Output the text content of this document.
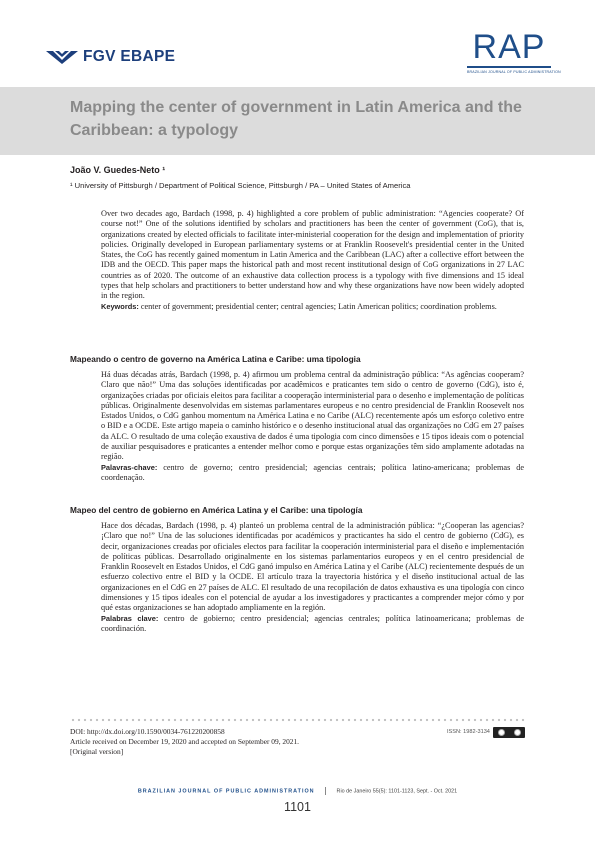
FGV EBAPE	RAP
BRAZILIAN JOURNAL OF PUBLIC ADMINISTRATION
Mapping the center of government in Latin America and the Caribbean: a typology
João V. Guedes-Neto ¹
¹ University of Pittsburgh / Department of Political Science, Pittsburgh / PA – United States of America

Over two decades ago, Bardach (1998, p. 4) highlighted a core problem of public administration: “Agencies cooperate? Of course not!” One of the solutions identified by scholars and practitioners has been the center of government (CoG), that is, organizations created by elected officials to facilitate inter-ministerial cooperation for the design and implementation of priority policies. Originally developed in European parliamentary systems or at Franklin Roosevelt's presidential center in the United States, the CoG has recently gained momentum in Latin America and the Caribbean (LAC) after a collective effort between the IDB and the OECD. This paper maps the historical path and most recent institutional design of CoG organizations in 27 LAC countries as of 2020. The outcome of an exhaustive data collection process is a typology with five dimensions and 15 ideal types that help scholars and practitioners to better understand how and why these organizations have now been widely adopted in the region.

Keywords: center of government; presidential center; central agencies; Latin American politics; coordination problems.

Mapeando o centro de governo na América Latina e Caribe: uma tipologia

Há duas décadas atrás, Bardach (1998, p. 4) afirmou um problema central da administração pública: “As agências cooperam? Claro que não!” Uma das soluções identificadas por acadêmicos e praticantes tem sido o centro de governo (CdG), isto é, organizações criadas por oficiais eleitos para facilitar a cooperação interministerial para o desenho e implementação de políticas públicas. Originalmente desenvolvidas em sistemas parlamentares europeus e no centro presidencial de Franklin Roosevelt nos Estados Unidos, o CdG ganhou momentum na América Latina e no Caribe (ALC) recentemente após um esforço coletivo entre o BID e a OCDE. Este artigo mapeia o caminho histórico e o desenho institucional atual das organizações no CdG em 27 países da ALC. O resultado de uma coleção exaustiva de dados é uma tipologia com cinco dimensões e 15 tipos ideais com o potencial de auxiliar pesquisadores e praticantes a entender melhor como e porque estas organizações têm sido amplamente adotadas na região.

Palavras-chave: centro de governo; centro presidencial; agencias centrais; política latino-americana; problemas de coordenação.

Mapeo del centro de gobierno en América Latina y el Caribe: una tipología

Hace dos décadas, Bardach (1998, p. 4) planteó un problema central de la administración pública: “¿Cooperan las agencias? ¡Claro que no!” Una de las soluciones identificadas por académicos y practicantes ha sido el centro de gobierno (CdG), es decir, organizaciones creadas por oficiales electos para facilitar la cooperación interministerial para el diseño e implementación de políticas públicas. Desarrollado originalmente en los sistemas parlamentarios europeos y en el centro presidencial de Franklin Roosevelt en Estados Unidos, el CdG ganó impulso en América Latina y el Caribe (ALC) recientemente después de un esfuerzo colectivo entre el BID y la OCDE. El artículo traza la trayectoria histórica y el diseño institucional actual de las organizaciones en el CdG en 27 países de ALC. El resultado de una recopilación de datos exhaustiva es una tipología con cinco dimensiones y 15 tipos ideales con el potencial de ayudar a los investigadores y practicantes a comprender mejor cómo y por qué estas organizaciones se han adoptado ampliamente en la región.

Palabras clave: centro de gobierno; centro presidencial; agencias centrales; política latinoamericana; problemas de coordinación.

DOI: http://dx.doi.org/10.1590/0034-761220200858
Article received on December 19, 2020 and accepted on September 09, 2021.
[Original version]
ISSN: 1982-3134
BRAZILIAN JOURNAL OF PUBLIC ADMINISTRATION	Rio de Janeiro 55(5): 1101-1123, Sept. - Oct. 2021
1101
